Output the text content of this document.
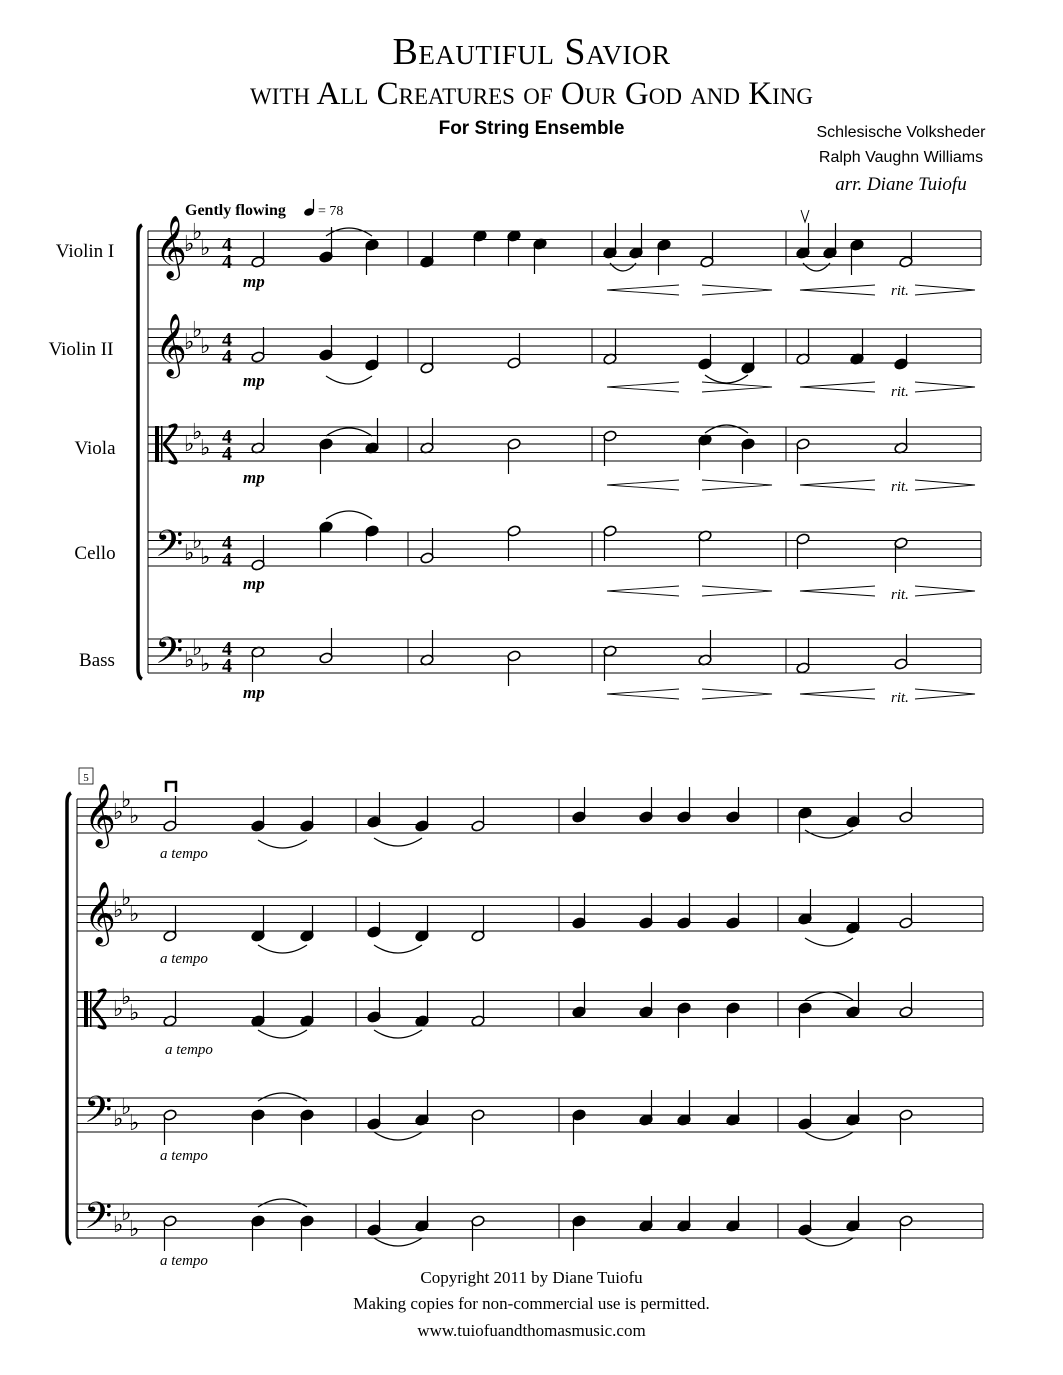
Beautiful Savior
with All Creatures of Our God and King
For String Ensemble	Schlesische Volksheder
Ralph Vaughn Williams
arr. Diane Tuiofu
𝄞
♭
♭
♭
𝄞
♭
♭
♭
♭
♭
♭
𝄢 ♭
♭
♭
𝄢 ♭
♭
♭
𝄞
♭
♭
♭
𝄞
♭
♭
♭
♭
♭
♭
𝄢 ♭
♭
♭
𝄢 ♭
♭
♭
Gently flowing = 78
Violin I
Violin II
Viola
Cello
Bass
4
4
4
4
4
4
4
4
4
4
mp
mp
mp
mp
mp
rit.
rit.
rit.
rit.
rit.
a tempo
a tempo
a tempo
a tempo
a tempo
5
Copyright 2011 by Diane Tuiofu
Making copies for non-commercial use is permitted.
www.tuiofuandthomasmusic.com
